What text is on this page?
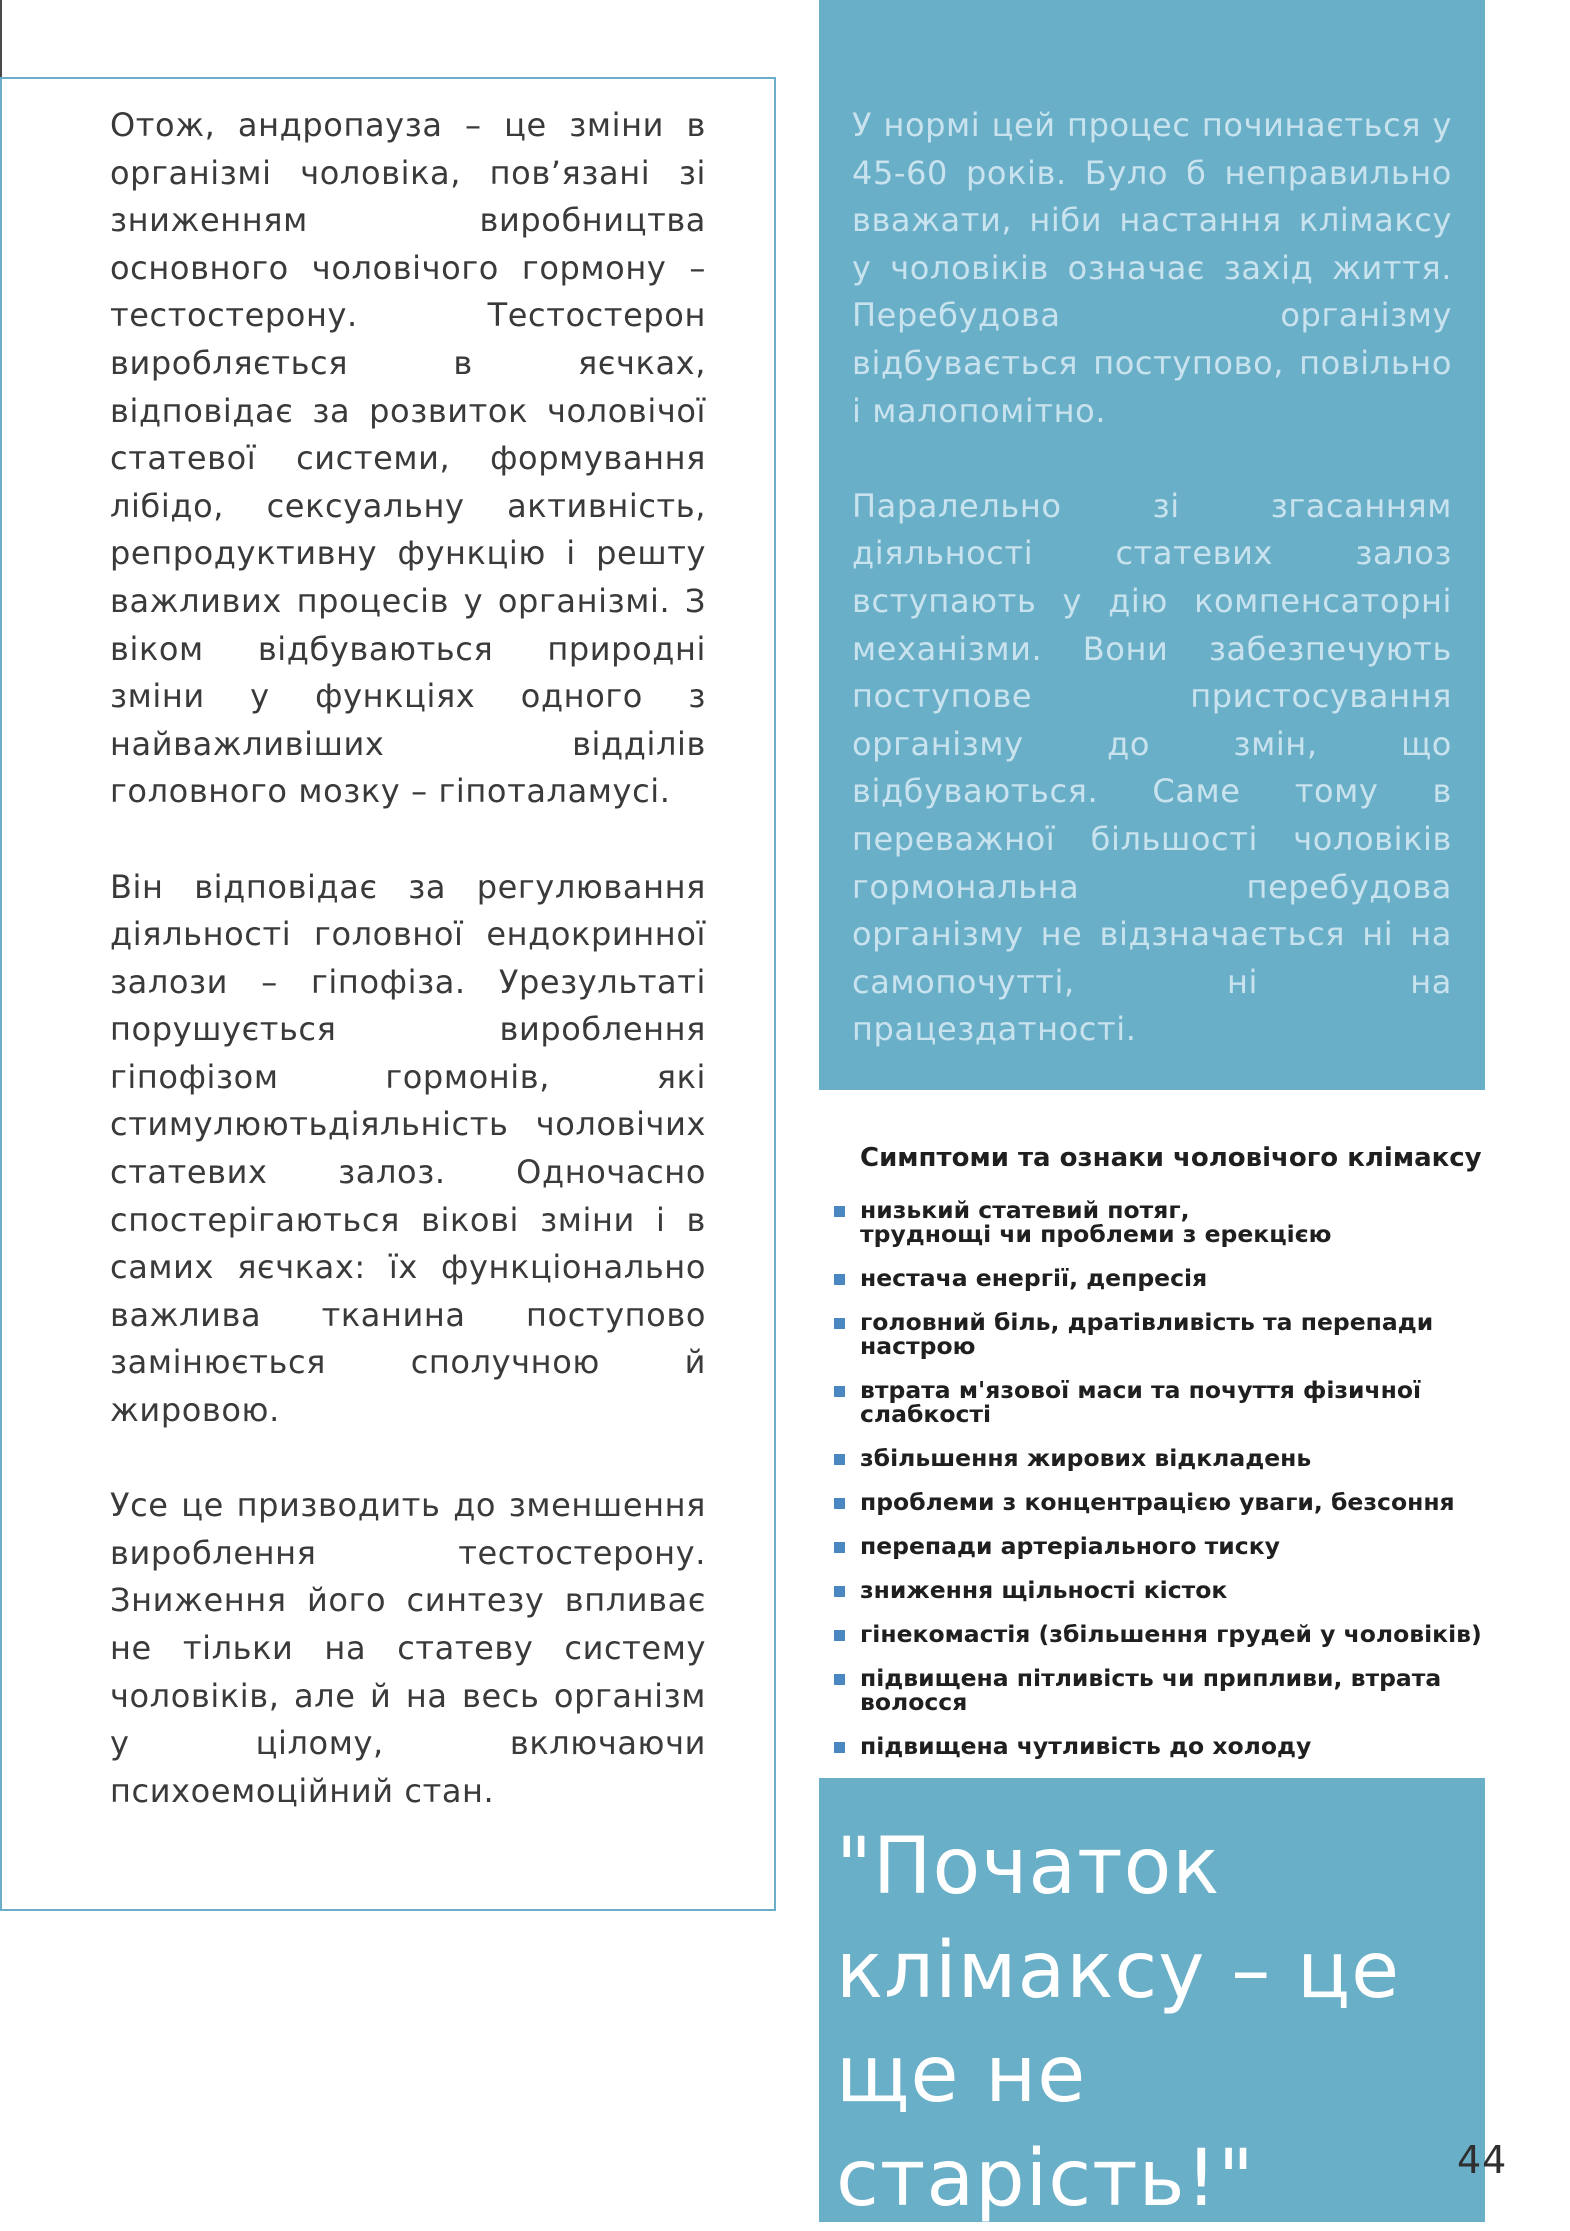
Отож, андропауза – це зміни в організмі чоловіка, пов’язані зі зниженням виробництва основного чоловічого гормону – тестостерону. Тестостерон виробляється в яєчках, відповідає за розвиток чоловічої статевої системи, формування лібідо, сексуальну активність, репродуктивну функцію і решту важливих процесів у організмі. З віком відбуваються природні зміни у функціях одного з найважливіших відділів головного мозку – гіпоталамусі.

Він відповідає за регулювання діяльності головної ендокринної залози – гіпофіза. Урезультаті порушується вироблення гіпофізом гормонів, які стимулюютьдіяльність чоловічих статевих залоз. Одночасно спостерігаються вікові зміни і в самих яєчках: їх функціонально важлива тканина поступово замінюється сполучною й жировою.

Усе це призводить до зменшення вироблення тестостерону. Зниження його синтезу впливає не тільки на статеву систему чоловіків, але й на весь організм у цілому, включаючи психоемоційний стан.

У нормі цей процес починається у 45-60 років. Було б неправильно вважати, ніби настання клімаксу у чоловіків означає захід життя. Перебудова організму відбувається поступово, повільно і малопомітно.

Паралельно зі згасанням діяльності статевих залоз вступають у дію компенсаторні механізми. Вони забезпечують поступове пристосування організму до змін, що відбуваються. Саме тому в переважної більшості чоловіків гормональна перебудова організму не відзначається ні на самопочутті, ні на працездатності.

Симптоми та ознаки чоловічого клімаксу
низький статевий потяг,
труднощі чи проблеми з ерекцією
нестача енергії, депресія
головний біль, дратівливість та перепади настрою
втрата м'язової маси та почуття фізичної слабкості
збільшення жирових відкладень
проблеми з концентрацією уваги, безсоння
перепади артеріального тиску
зниження щільності кісток
гінекомастія (збільшення грудей у чоловіків)
підвищена пітливість чи припливи, втрата волосся
підвищена чутливість до холоду
"Початок клімаксу – це ще не старість!"	44
